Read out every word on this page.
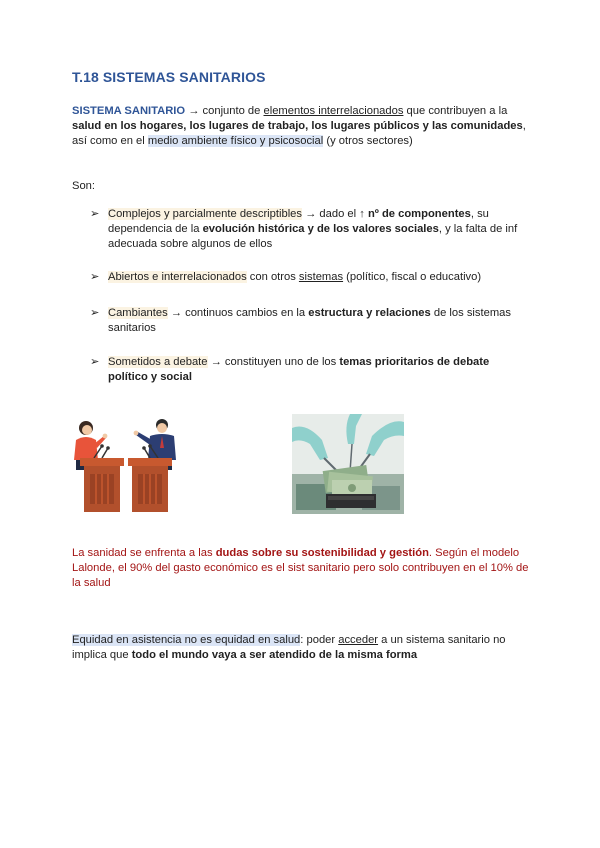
T.18 SISTEMAS SANITARIOS
SISTEMA SANITARIO → conjunto de elementos interrelacionados que contribuyen a la salud en los hogares, los lugares de trabajo, los lugares públicos y las comunidades, así como en el medio ambiente físico y psicosocial (y otros sectores)
Son:
➢ Complejos y parcialmente descriptibles → dado el ↑ nº de componentes, su dependencia de la evolución histórica y de los valores sociales, y la falta de inf adecuada sobre algunos de ellos
➢ Abiertos e interrelacionados con otros sistemas (político, fiscal o educativo)
➢ Cambiantes → continuos cambios en la estructura y relaciones de los sistemas sanitarios
➢ Sometidos a debate → constituyen uno de los temas prioritarios de debate político y social
La sanidad se enfrenta a las dudas sobre su sostenibilidad y gestión. Según el modelo Lalonde, el 90% del gasto económico es el sist sanitario pero solo contribuyen en el 10% de la salud
Equidad en asistencia no es equidad en salud: poder acceder a un sistema sanitario no implica que todo el mundo vaya a ser atendido de la misma forma
